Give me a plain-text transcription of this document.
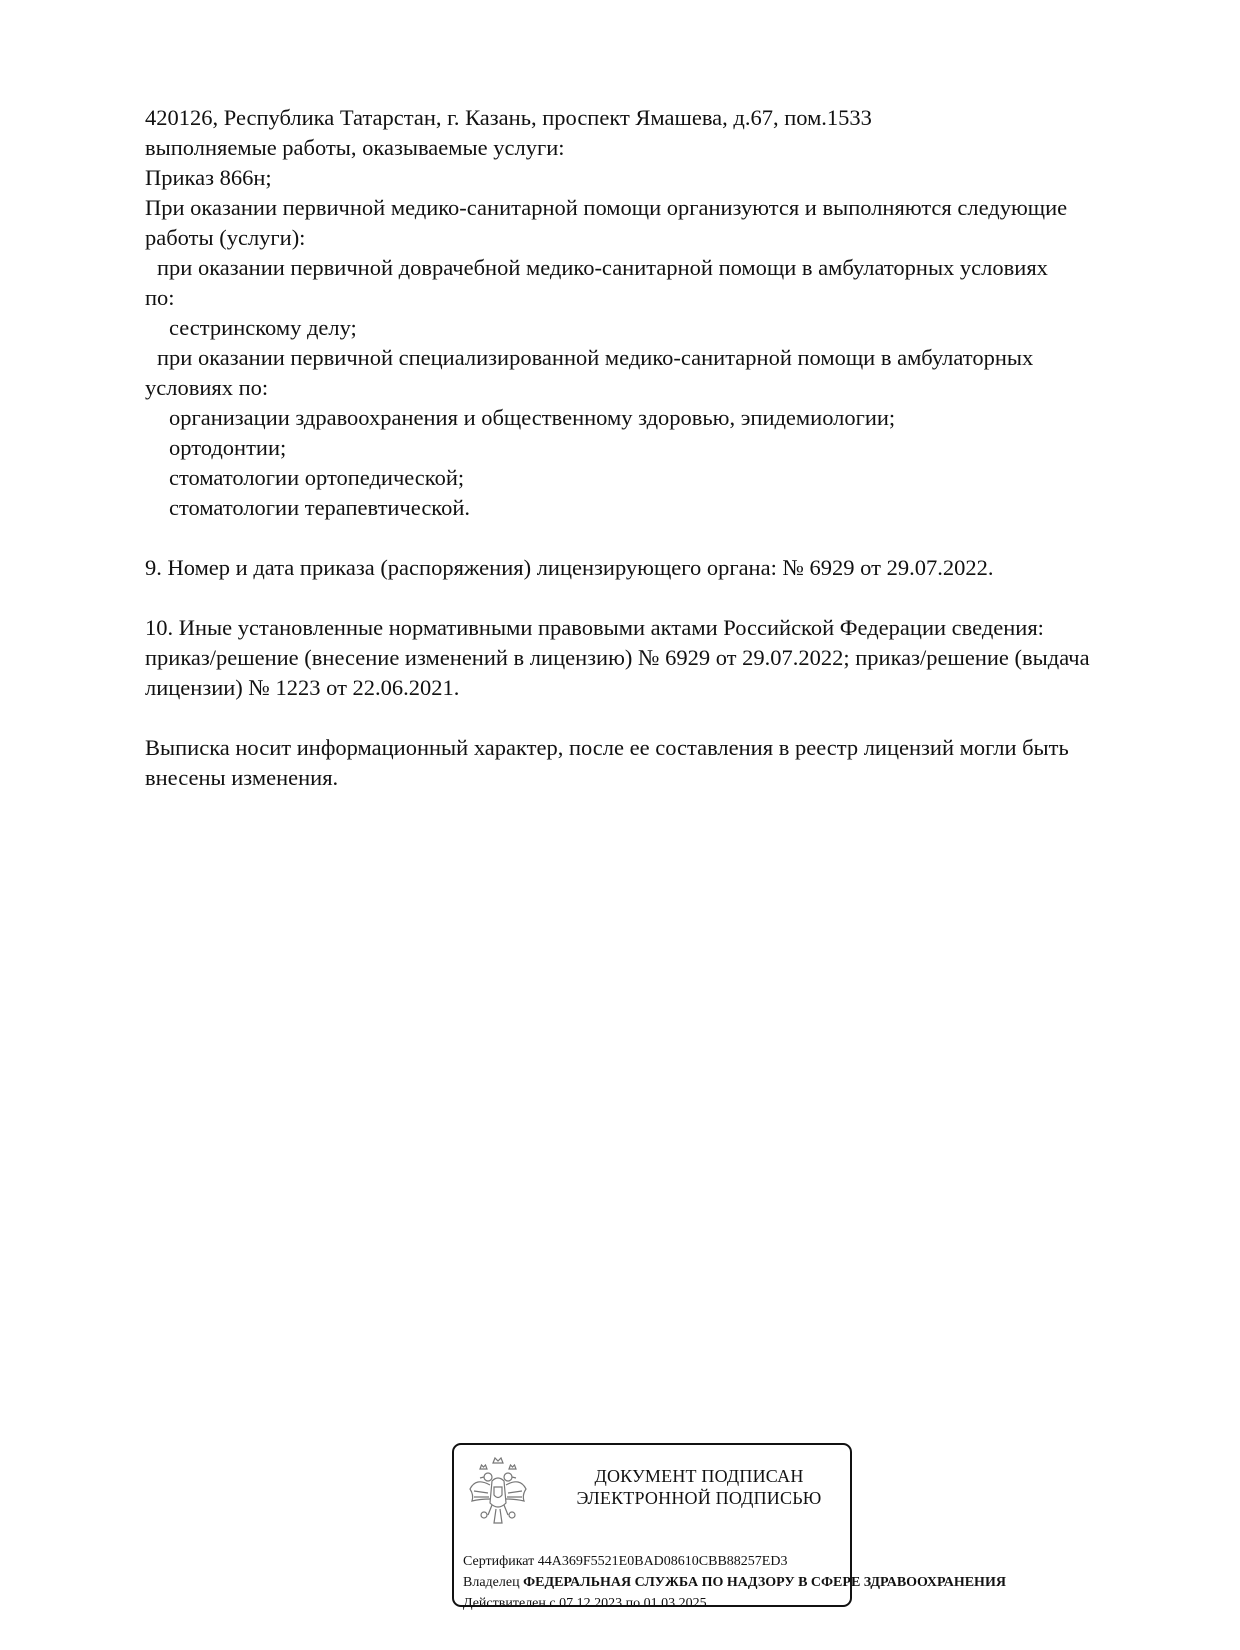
420126, Республика Татарстан, г. Казань, проспект Ямашева, д.67, пом.1533
выполняемые работы, оказываемые услуги:
Приказ 866н;
При оказании первичной медико-санитарной помощи организуются и выполняются следующие
работы (услуги):
при оказании первичной доврачебной медико-санитарной помощи в амбулаторных условиях
по:
сестринскому делу;
при оказании первичной специализированной медико-санитарной помощи в амбулаторных
условиях по:
организации здравоохранения и общественному здоровью, эпидемиологии;
ортодонтии;
стоматологии ортопедической;
стоматологии терапевтической.
9. Номер и дата приказа (распоряжения) лицензирующего органа: № 6929 от 29.07.2022.
10. Иные установленные нормативными правовыми актами Российской Федерации сведения:
приказ/решение (внесение изменений в лицензию) № 6929 от 29.07.2022; приказ/решение (выдача
лицензии) № 1223 от 22.06.2021.
Выписка носит информационный характер, после ее составления в реестр лицензий могли быть
внесены изменения.
ДОКУМЕНТ ПОДПИСАН
ЭЛЕКТРОННОЙ ПОДПИСЬЮ
Сертификат 44A369F5521E0BAD08610CBB88257ED3
Владелец ФЕДЕРАЛЬНАЯ СЛУЖБА ПО НАДЗОРУ В СФЕРЕ ЗДРАВООХРАНЕНИЯ
Действителен с 07.12.2023 по 01.03.2025
